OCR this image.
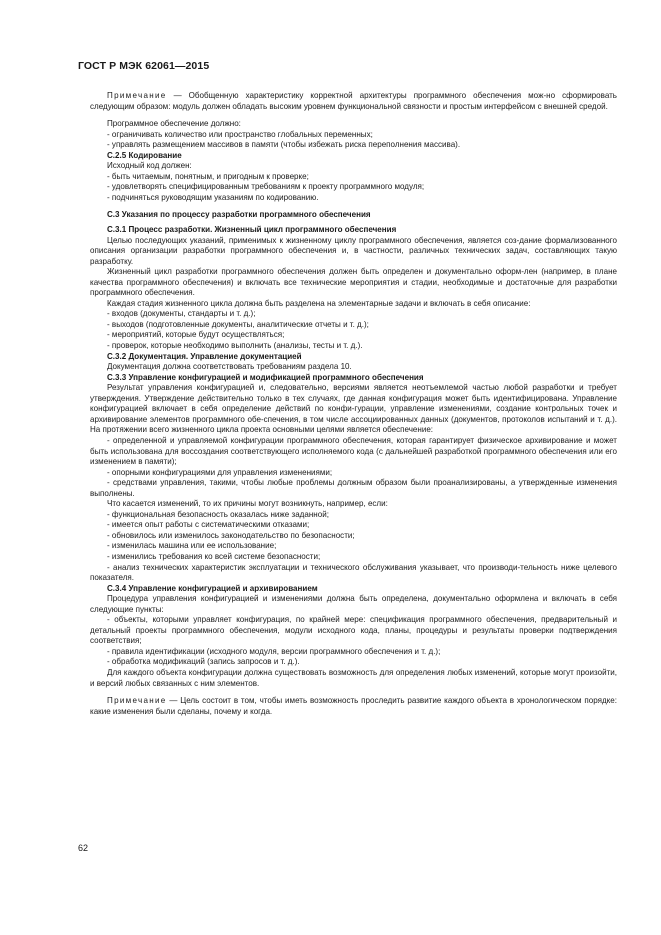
ГОСТ Р МЭК 62061—2015

Примечание — Обобщенную характеристику корректной архитектуры программного обеспечения мож-но сформировать следующим образом: модуль должен обладать высоким уровнем функциональной связности и простым интерфейсом с внешней средой.

Программное обеспечение должно:

- ограничивать количество или пространство глобальных переменных;

- управлять размещением массивов в памяти (чтобы избежать риска переполнения массива).

С.2.5 Кодирование

Исходный код должен:

- быть читаемым, понятным, и пригодным к проверке;

- удовлетворять специфицированным требованиям к проекту программного модуля;

- подчиняться руководящим указаниям по кодированию.

С.3 Указания по процессу разработки программного обеспечения

С.3.1 Процесс разработки. Жизненный цикл программного обеспечения

Целью последующих указаний, применимых к жизненному циклу программного обеспечения, является соз-дание формализованного описания организации разработки программного обеспечения и, в частности, различных технических задач, составляющих такую разработку.

Жизненный цикл разработки программного обеспечения должен быть определен и документально оформ-лен (например, в плане качества программного обеспечения) и включать все технические мероприятия и стадии, необходимые и достаточные для разработки программного обеспечения.

Каждая стадия жизненного цикла должна быть разделена на элементарные задачи и включать в себя описание:

- входов (документы, стандарты и т. д.);

- выходов (подготовленные документы, аналитические отчеты и т. д.);

- мероприятий, которые будут осуществляться;

- проверок, которые необходимо выполнить (анализы, тесты и т. д.).

С.3.2 Документация. Управление документацией

Документация должна соответствовать требованиям раздела 10.

С.3.3 Управление конфигурацией и модификацией программного обеспечения

Результат управления конфигурацией и, следовательно, версиями является неотъемлемой частью любой разработки и требует утверждения. Утверждение действительно только в тех случаях, где данная конфигурация может быть идентифицирована. Управление конфигурацией включает в себя определение действий по конфи-гурации, управление изменениями, создание контрольных точек и архивирование элементов программного обе-спечения, в том числе ассоциированных данных (документов, протоколов испытаний и т. д.). На протяжении всего жизненного цикла проекта основными целями является обеспечение:

- определенной и управляемой конфигурации программного обеспечения, которая гарантирует физическое архивирование и может быть использована для воссоздания соответствующего исполняемого кода (с дальнейшей разработкой программного обеспечения или его изменением в памяти);

- опорными конфигурациями для управления изменениями;

- средствами управления, такими, чтобы любые проблемы должным образом были проанализированы, а утвержденные изменения выполнены.

Что касается изменений, то их причины могут возникнуть, например, если:

- функциональная безопасность оказалась ниже заданной;

- имеется опыт работы с систематическими отказами;

- обновилось или изменилось законодательство по безопасности;

- изменилась машина или ее использование;

- изменились требования ко всей системе безопасности;

- анализ технических характеристик эксплуатации и технического обслуживания указывает, что производи-тельность ниже целевого показателя.

С.3.4 Управление конфигурацией и архивированием

Процедура управления конфигурацией и изменениями должна быть определена, документально оформлена и включать в себя следующие пункты:

- объекты, которыми управляет конфигурация, по крайней мере: спецификация программного обеспечения, предварительный и детальный проекты программного обеспечения, модули исходного кода, планы, процедуры и результаты проверки подтверждения соответствия;

- правила идентификации (исходного модуля, версии программного обеспечения и т. д.);

- обработка модификаций (запись запросов и т. д.).

Для каждого объекта конфигурации должна существовать возможность для определения любых изменений, которые могут произойти, и версий любых связанных с ним элементов.

Примечание — Цель состоит в том, чтобы иметь возможность проследить развитие каждого объекта в хронологическом порядке: какие изменения были сделаны, почему и когда.

62
